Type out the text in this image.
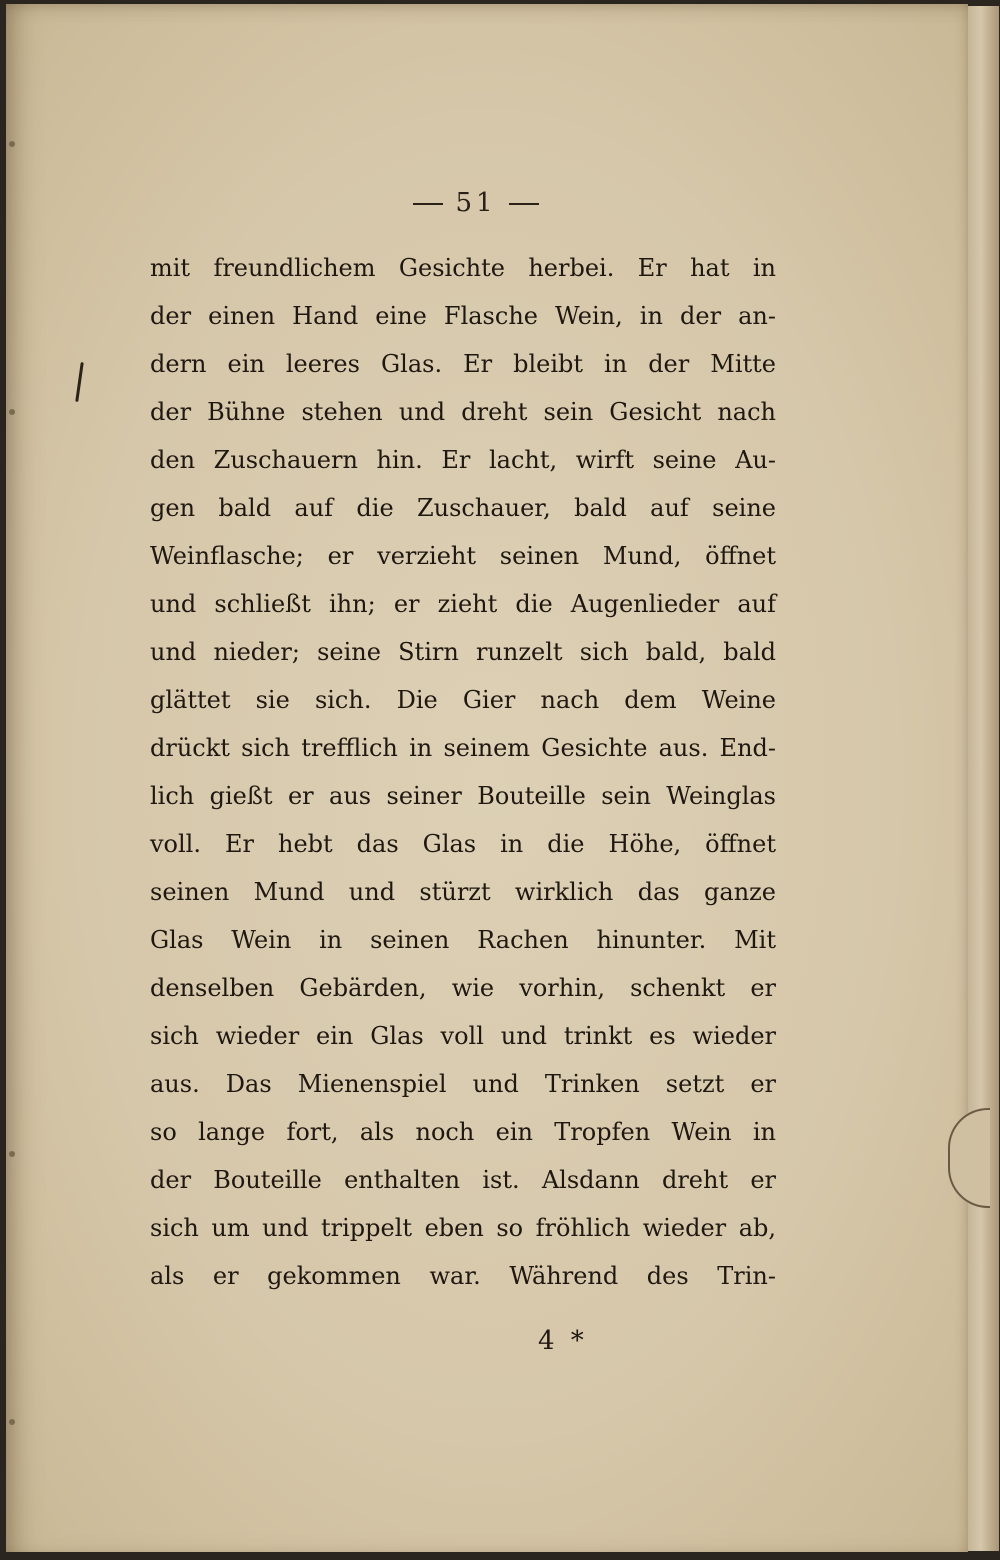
51
mit freundlichem Gesichte herbei. Er hat in
der einen Hand eine Flasche Wein, in der an-
dern ein leeres Glas. Er bleibt in der Mitte
der Bühne stehen und dreht sein Gesicht nach
den Zuschauern hin. Er lacht, wirft seine Au-
gen bald auf die Zuschauer, bald auf seine
Weinflasche; er verzieht seinen Mund, öffnet
und schließt ihn; er zieht die Augenlieder auf
und nieder; seine Stirn runzelt sich bald, bald
glättet sie sich. Die Gier nach dem Weine
drückt sich trefflich in seinem Gesichte aus. End-
lich gießt er aus seiner Bouteille sein Weinglas
voll. Er hebt das Glas in die Höhe, öffnet
seinen Mund und stürzt wirklich das ganze
Glas Wein in seinen Rachen hinunter. Mit
denselben Gebärden, wie vorhin, schenkt er
sich wieder ein Glas voll und trinkt es wieder
aus. Das Mienenspiel und Trinken setzt er
so lange fort, als noch ein Tropfen Wein in
der Bouteille enthalten ist. Alsdann dreht er
sich um und trippelt eben so fröhlich wieder ab,
als er gekommen war. Während des Trin-
4 *
